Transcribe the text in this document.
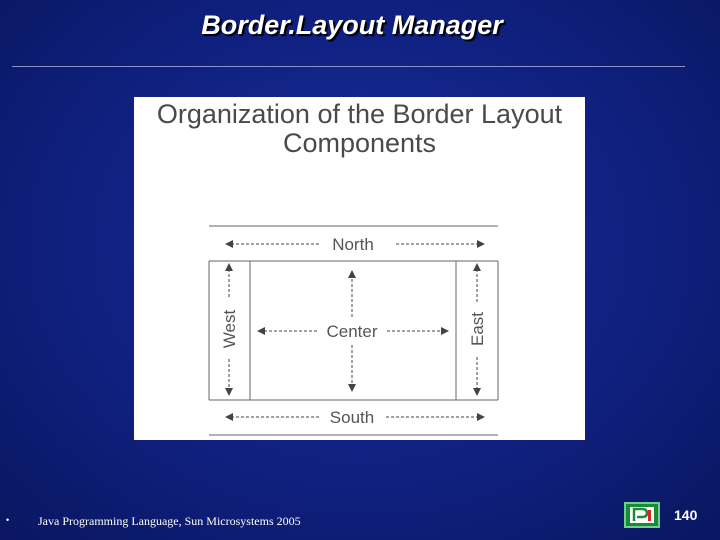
Border.Layout Manager
Organization of the Border Layout
Components
North
South
Center
West	East
• Java Programming Language, Sun Microsystems 2005	140
